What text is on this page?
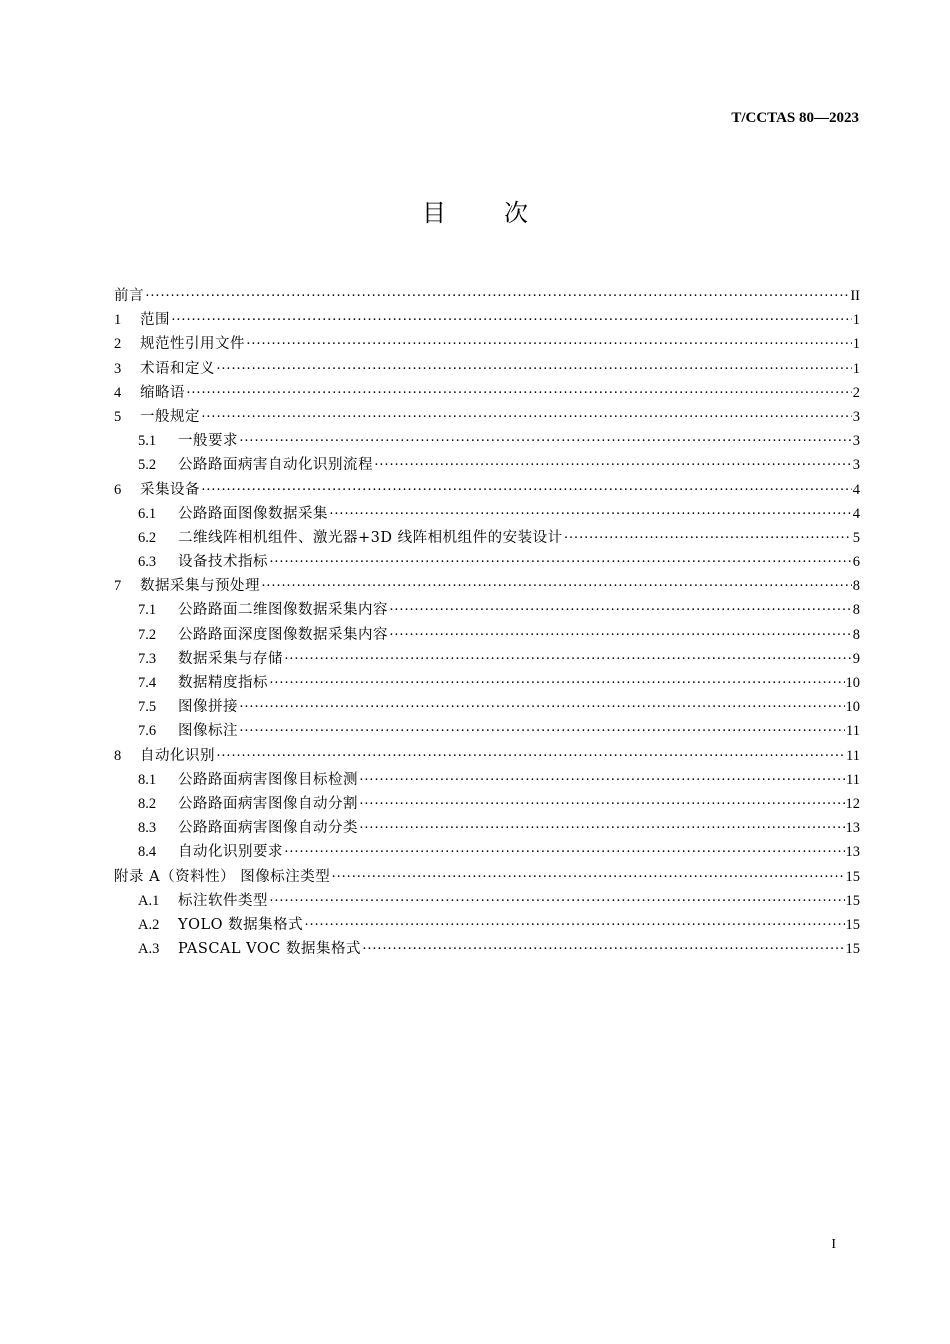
T/CCTAS 80—2023
目次
前言 ·····	II
1	范围 ·····	1
2	规范性引用文件 ·····	1
3	术语和定义 ·····	1
4	缩略语 ·····	2
5	一般规定 ·····	3
5.1	一般要求 ·····	3
5.2	公路路面病害自动化识别流程 ·····	3
6	采集设备 ·····	4
6.1	公路路面图像数据采集 ·····	4
6.2	二维线阵相机组件、激光器+3D 线阵相机组件的安装设计 ·····	5
6.3	设备技术指标 ·····	6
7	数据采集与预处理 ·····	8
7.1	公路路面二维图像数据采集内容 ·····	8
7.2	公路路面深度图像数据采集内容 ·····	8
7.3	数据采集与存储 ·····	9
7.4	数据精度指标 ·····	10
7.5	图像拼接 ·····	10
7.6	图像标注 ·····	11
8	自动化识别 ·····	11
8.1	公路路面病害图像目标检测 ·····	11
8.2	公路路面病害图像自动分割 ·····	12
8.3	公路路面病害图像自动分类 ·····	13
8.4	自动化识别要求 ·····	13
附录 A（资料性） 图像标注类型 ·····	15
A.1	标注软件类型 ·····	15
A.2	YOLO 数据集格式 ·····	15
A.3	PASCAL VOC 数据集格式 ·····	15
I
